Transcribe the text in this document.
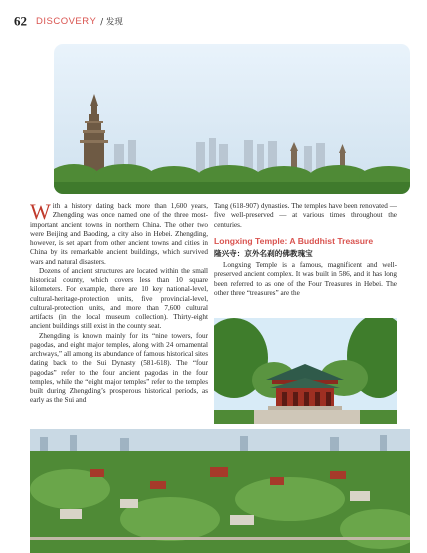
62 DISCOVERY / 发现

With a history dating back more than 1,600 years, Zhengding was once named one of the three most-important ancient towns in northern China. The other two were Beijing and Baoding, a city also in Hebei. Zhengding, however, is set apart from other ancient towns and cities in China by its remarkable ancient buildings, which survived wars and natural disasters.

Dozens of ancient structures are located within the small historical county, which covers less than 10 square kilometers. For example, there are 10 key national-level, cultural-heritage-protection units, five provincial-level, cultural-protection units, and more than 7,600 cultural artifacts (in the local museum collection). Thirty-eight ancient buildings still exist in the county seat.

Zhengding is known mainly for its “nine towers, four pagodas, and eight major temples, along with 24 ornamental archways,” all among its abundance of famous historical sites dating back to the Sui Dynasty (581-618). The “four pagodas” refer to the four ancient pagodas in the four temples, while the “eight major temples” refer to the temples built during Zhengding’s prosperous historical periods, as early as the Sui and

Tang (618-907) dynasties. The temples have been renovated — five well-preserved — at various times throughout the centuries.

Longxing Temple: A Buddhist Treasure
隆兴寺：京外名刹的佛教瑰宝

Longxing Temple is a famous, magnificent and well-preserved ancient complex. It was built in 586, and it has long been referred to as one of the Four Treasures in Hebei. The other three “treasures” are the
